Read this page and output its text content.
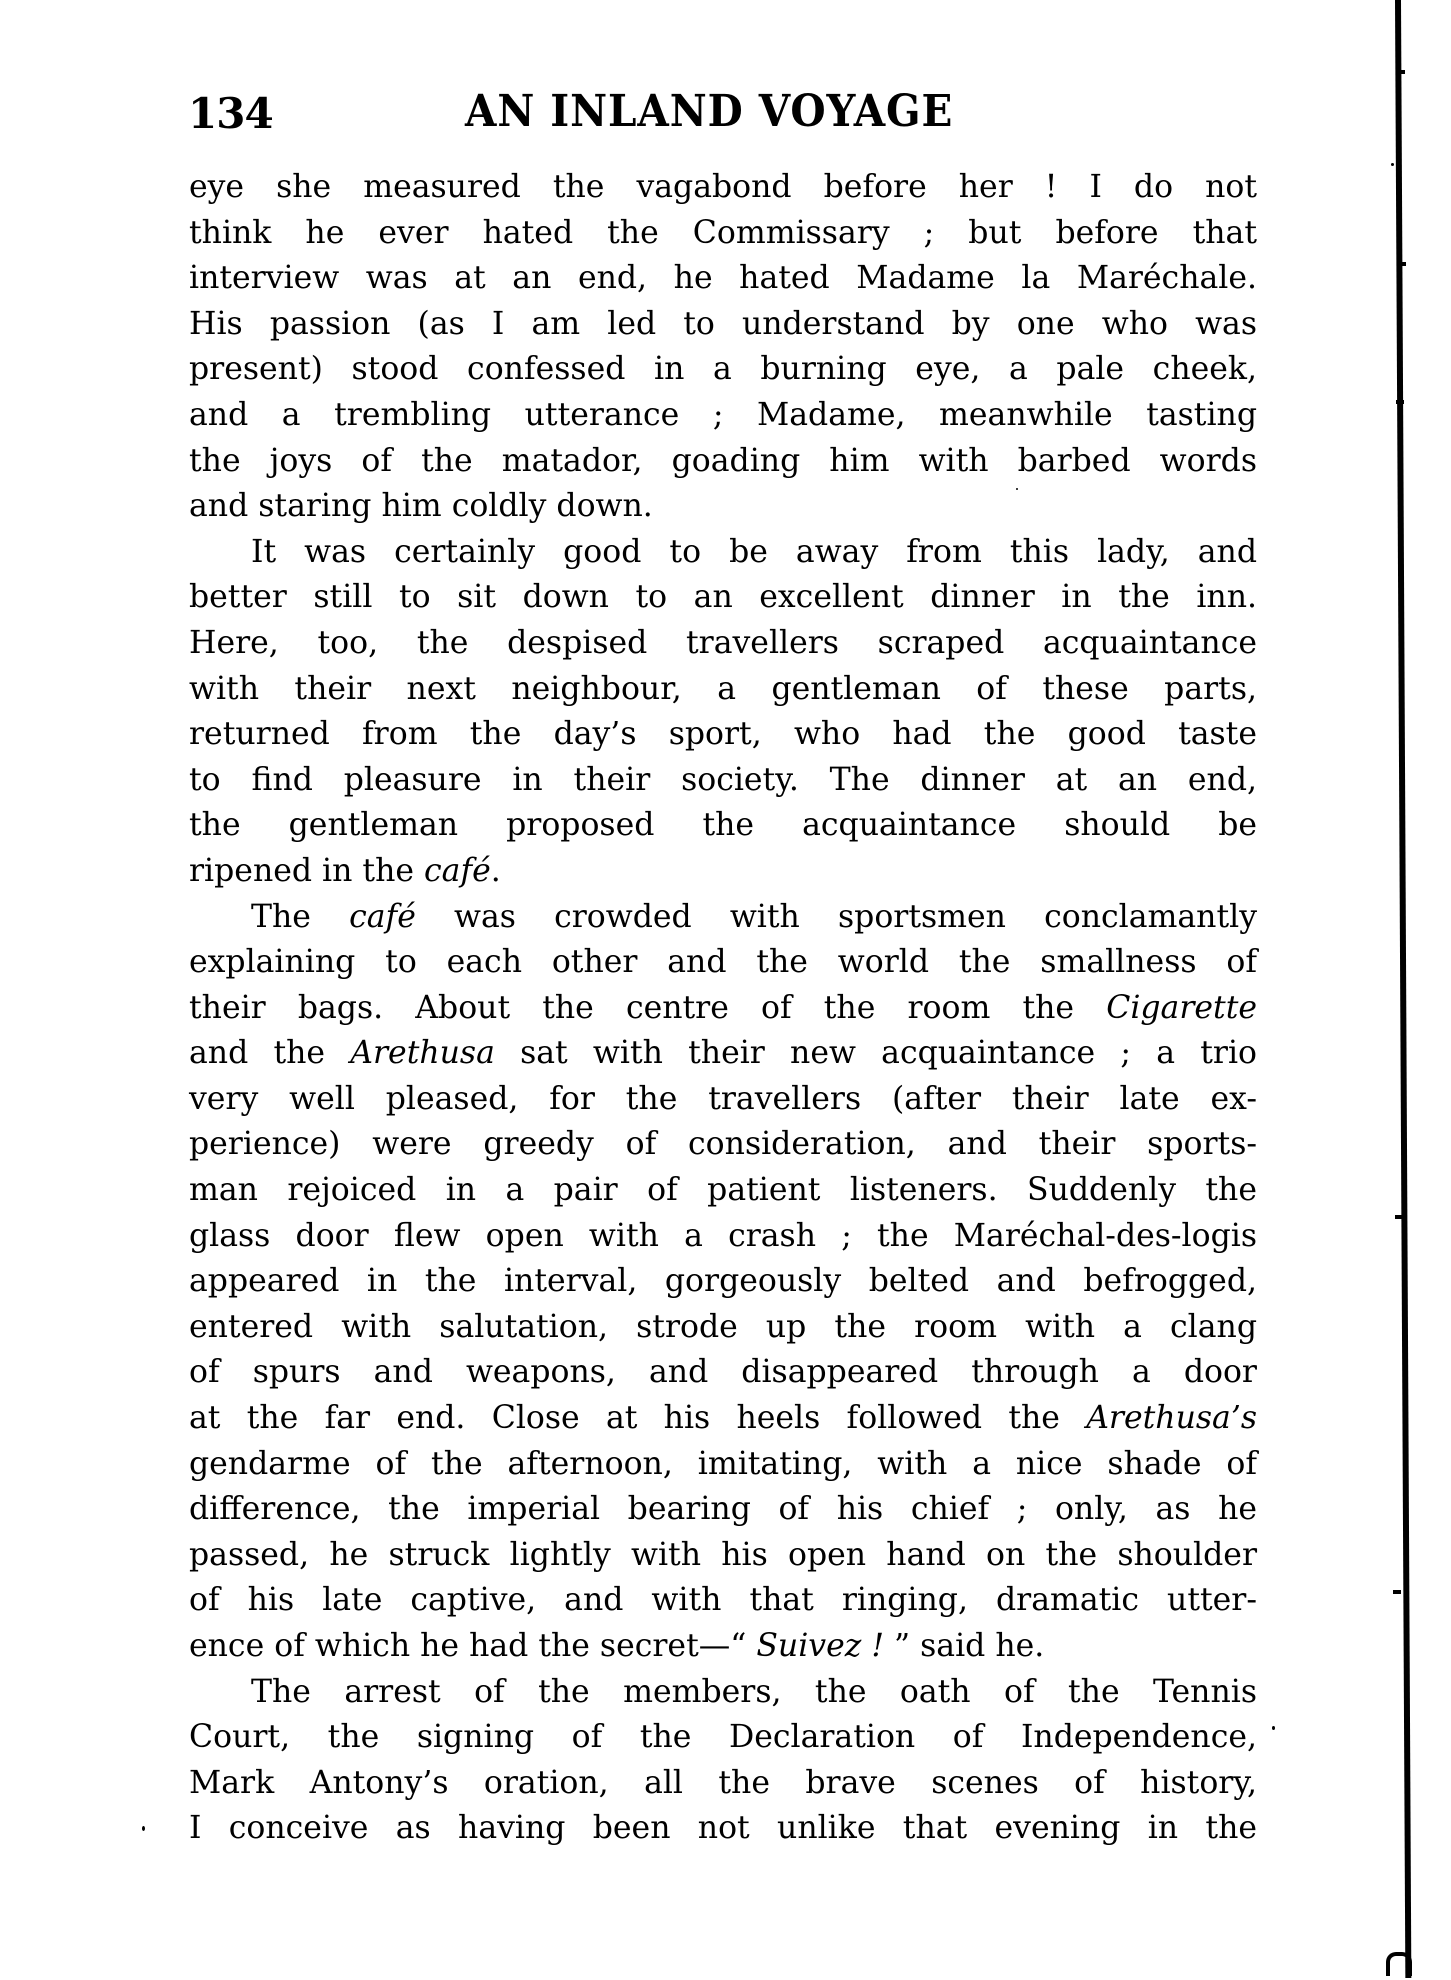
134	AN INLAND VOYAGE
eye she measured the vagabond before her ! I do not
think he ever hated the Commissary ; but before that
interview was at an end, he hated Madame la Maréchale.
His passion (as I am led to understand by one who was
present) stood confessed in a burning eye, a pale cheek,
and a trembling utterance ; Madame, meanwhile tasting
the joys of the matador, goading him with barbed words
and staring him coldly down.
It was certainly good to be away from this lady, and
better still to sit down to an excellent dinner in the inn.
Here, too, the despised travellers scraped acquaintance
with their next neighbour, a gentleman of these parts,
returned from the day’s sport, who had the good taste
to find pleasure in their society. The dinner at an end,
the gentleman proposed the acquaintance should be
ripened in the café.
The café was crowded with sportsmen conclamantly
explaining to each other and the world the smallness of
their bags. About the centre of the room the Cigarette
and the Arethusa sat with their new acquaintance ; a trio
very well pleased, for the travellers (after their late ex-
perience) were greedy of consideration, and their sports-
man rejoiced in a pair of patient listeners. Suddenly the
glass door flew open with a crash ; the Maréchal-des-logis
appeared in the interval, gorgeously belted and befrogged,
entered with salutation, strode up the room with a clang
of spurs and weapons, and disappeared through a door
at the far end. Close at his heels followed the Arethusa’s
gendarme of the afternoon, imitating, with a nice shade of
difference, the imperial bearing of his chief ; only, as he
passed, he struck lightly with his open hand on the shoulder
of his late captive, and with that ringing, dramatic utter-
ence of which he had the secret—“ Suivez ! ” said he.
The arrest of the members, the oath of the Tennis
Court, the signing of the Declaration of Independence,
Mark Antony’s oration, all the brave scenes of history,
I conceive as having been not unlike that evening in the
